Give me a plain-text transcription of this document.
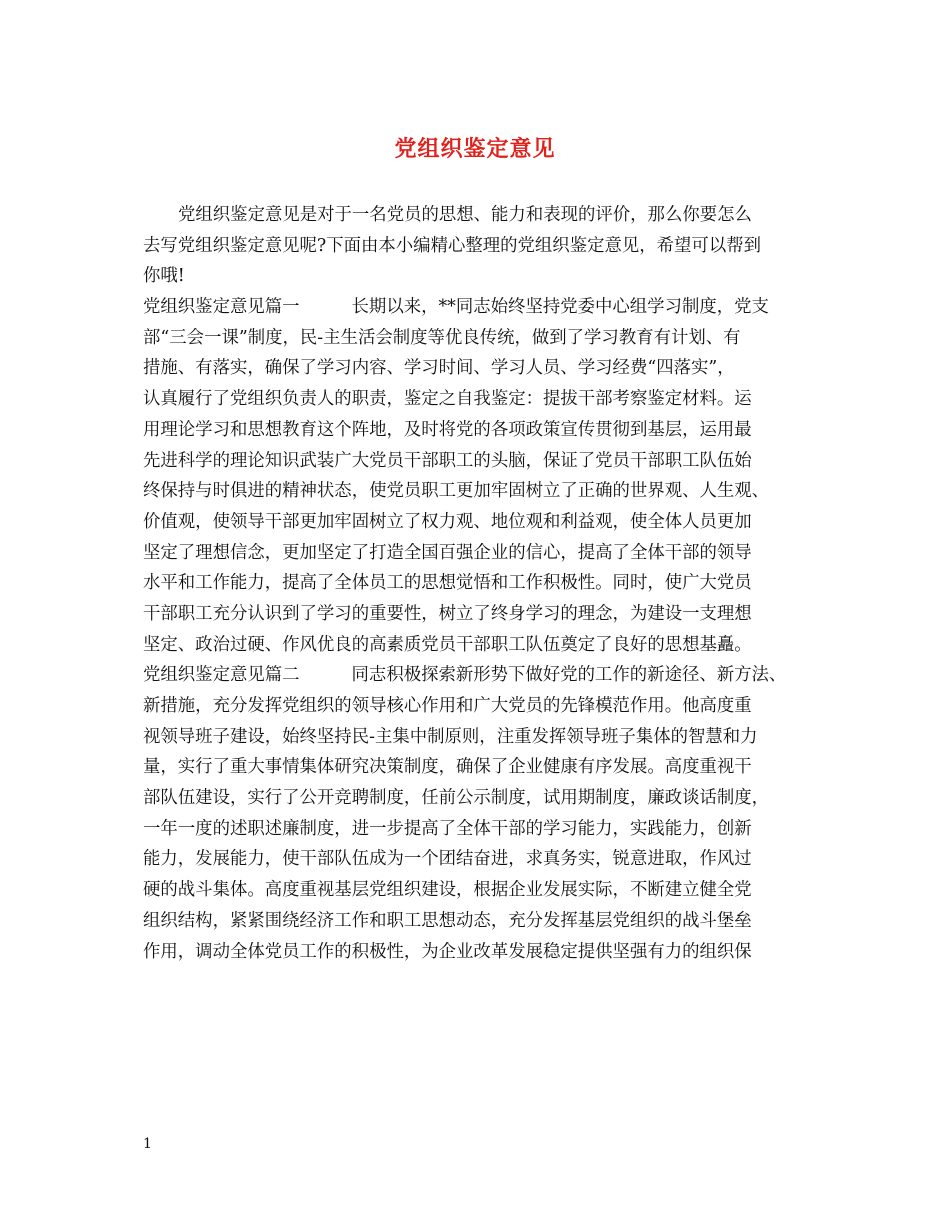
党组织鉴定意见
党组织鉴定意见是对于一名党员的思想、能力和表现的评价，那么你要怎么
去写党组织鉴定意见呢?下面由本小编精心整理的党组织鉴定意见，希望可以帮到
你哦!
党组织鉴定意见篇一	长期以来，**同志始终坚持党委中心组学习制度，党支
部“三会一课”制度，民-主生活会制度等优良传统，做到了学习教育有计划、有
措施、有落实，确保了学习内容、学习时间、学习人员、学习经费“四落实”，
认真履行了党组织负责人的职责，鉴定之自我鉴定：提拔干部考察鉴定材料。运
用理论学习和思想教育这个阵地，及时将党的各项政策宣传贯彻到基层，运用最
先进科学的理论知识武装广大党员干部职工的头脑，保证了党员干部职工队伍始
终保持与时俱进的精神状态，使党员职工更加牢固树立了正确的世界观、人生观、
价值观，使领导干部更加牢固树立了权力观、地位观和利益观，使全体人员更加
坚定了理想信念，更加坚定了打造全国百强企业的信心，提高了全体干部的领导
水平和工作能力，提高了全体员工的思想觉悟和工作积极性。同时，使广大党员
干部职工充分认识到了学习的重要性，树立了终身学习的理念，为建设一支理想
坚定、政治过硬、作风优良的高素质党员干部职工队伍奠定了良好的思想基矗。
党组织鉴定意见篇二	同志积极探索新形势下做好党的工作的新途径、新方法、
新措施，充分发挥党组织的领导核心作用和广大党员的先锋模范作用。他高度重
视领导班子建设，始终坚持民-主集中制原则，注重发挥领导班子集体的智慧和力
量，实行了重大事情集体研究决策制度，确保了企业健康有序发展。高度重视干
部队伍建设，实行了公开竞聘制度，任前公示制度，试用期制度，廉政谈话制度，
一年一度的述职述廉制度，进一步提高了全体干部的学习能力，实践能力，创新
能力，发展能力，使干部队伍成为一个团结奋进，求真务实，锐意进取，作风过
硬的战斗集体。高度重视基层党组织建设，根据企业发展实际，不断建立健全党
组织结构，紧紧围绕经济工作和职工思想动态，充分发挥基层党组织的战斗堡垒
作用，调动全体党员工作的积极性，为企业改革发展稳定提供坚强有力的组织保
1
